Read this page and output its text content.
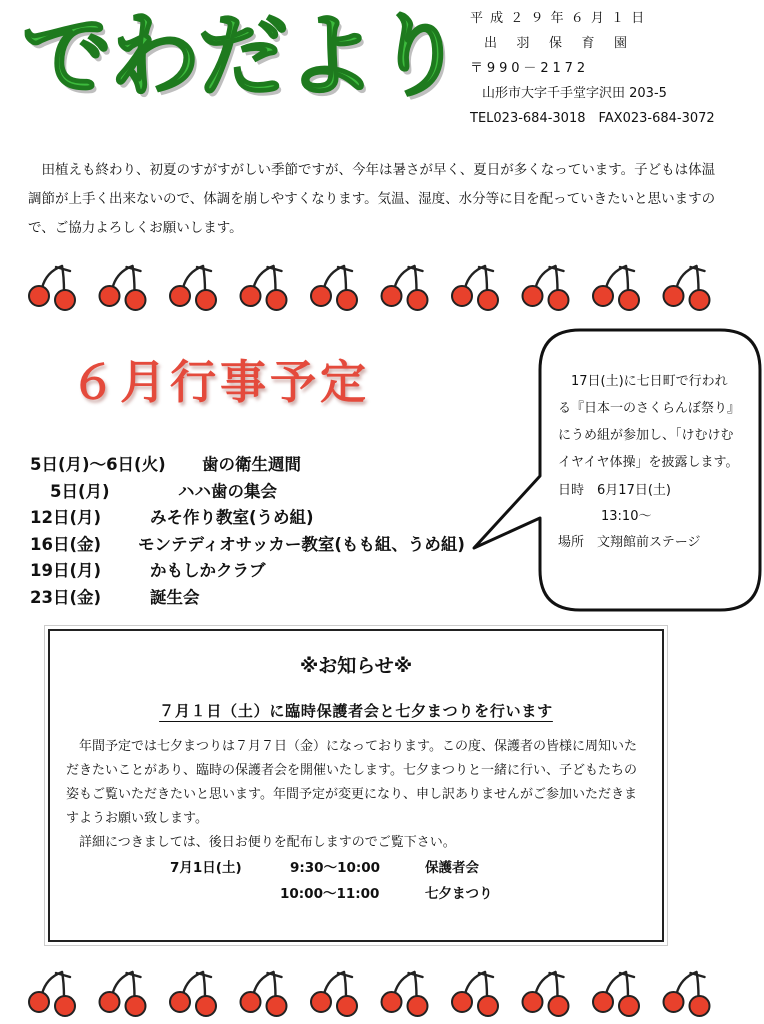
でわだより 平成２９年６月１日
出羽保育園
〒990－2172
山形市大字千手堂字沢田 203-5
TEL023-684-3018　FAX023-684-3072
田植えも終わり、初夏のすがすがしい季節ですが、今年は暑さが早く、夏日が多くなっています。子どもは体温調節が上手く出来ないので、体調を崩しやすくなります。気温、湿度、水分等に目を配っていきたいと思いますので、ご協力よろしくお願いします。
６月行事予定
5日(月)～6日(火) 歯の衛生週間
5日(月)	ハハ歯の集会
12日(月)	みそ作り教室(うめ組)
16日(金) モンテディオサッカー教室(もも組、うめ組)
19日(月)	かもしかクラブ
23日(金)	誕生会
17日(土)に七日町で行われる『日本一のさくらんぼ祭り』にうめ組が参加し、「けむけむイヤイヤ体操」を披露します。
日時　 6月17日(土)
13:10～
場所　 文翔館前ステージ
※お知らせ※
７月１日（土）に臨時保護者会と七夕まつりを行います
年間予定では七夕まつりは７月７日（金）になっております。この度、保護者の皆様に周知いただきたいことがあり、臨時の保護者会を開催いたします。七夕まつりと一緒に行い、子どもたちの姿もご覧いただきたいと思います。年間予定が変更になり、申し訳ありませんがご参加いただきますようお願い致します。
詳細につきましては、後日お便りを配布しますのでご覧下さい。
7月1日(土)	9:30～10:00	保護者会
10:00～11:00	七夕まつり
